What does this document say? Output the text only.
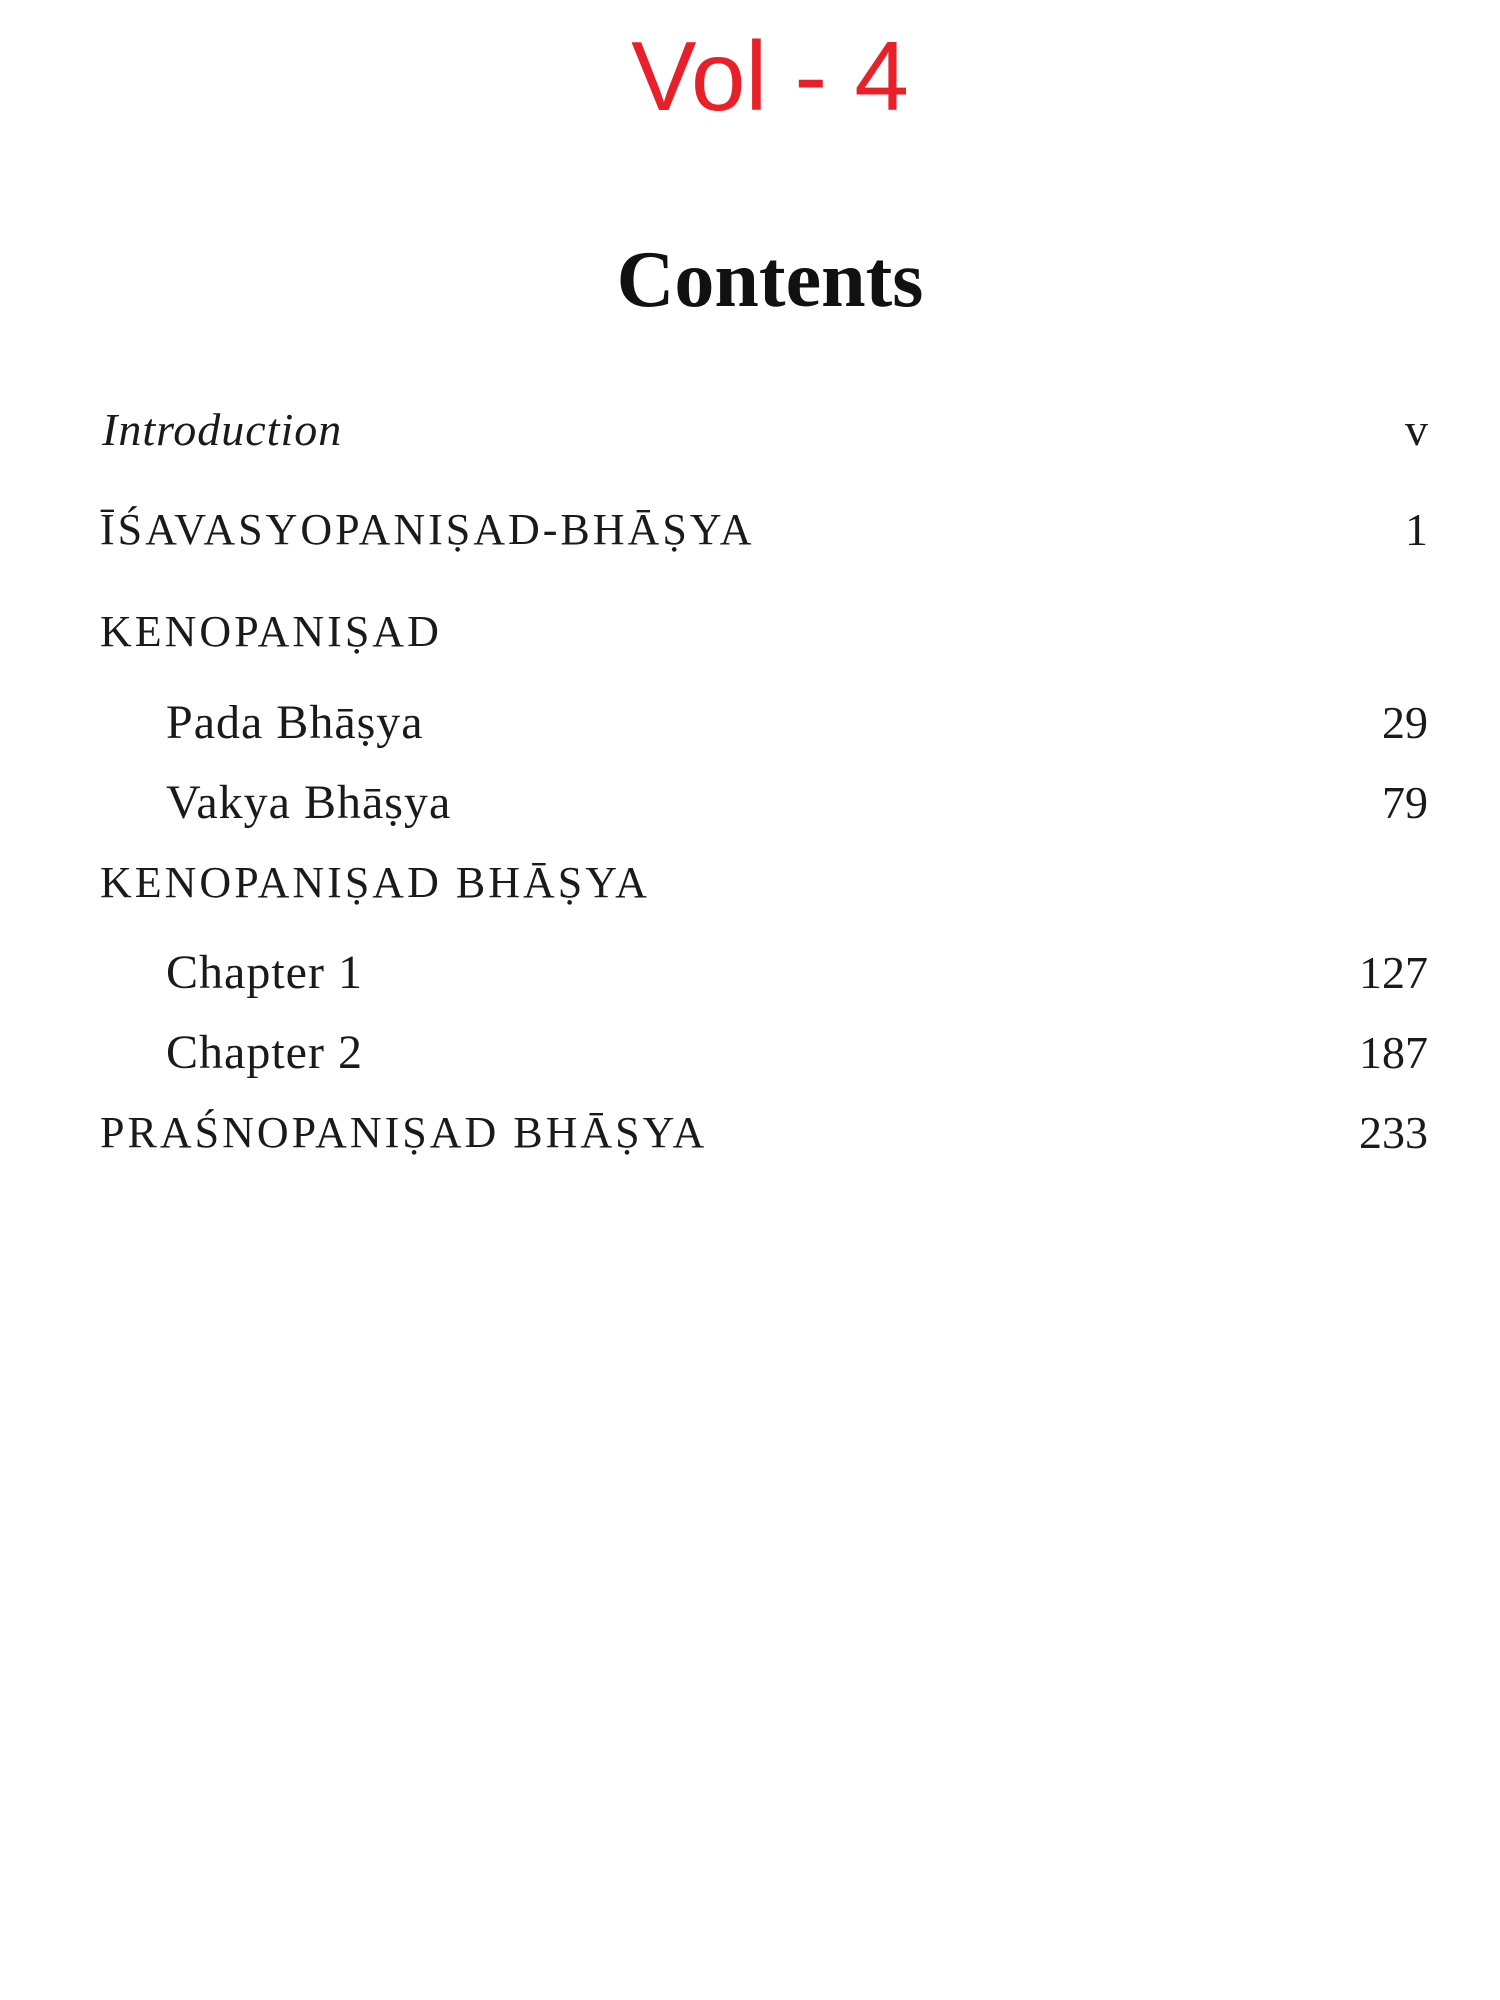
Vol - 4
Contents
Introduction	v
ĪŚAVASYOPANIṢAD-BHĀṢYA	1
KENOPANIṢAD
Pada Bhāṣya	29
Vakya Bhāṣya	79
KENOPANIṢAD BHĀṢYA
Chapter 1	127
Chapter 2	187
PRAŚNOPANIṢAD BHĀṢYA	233
